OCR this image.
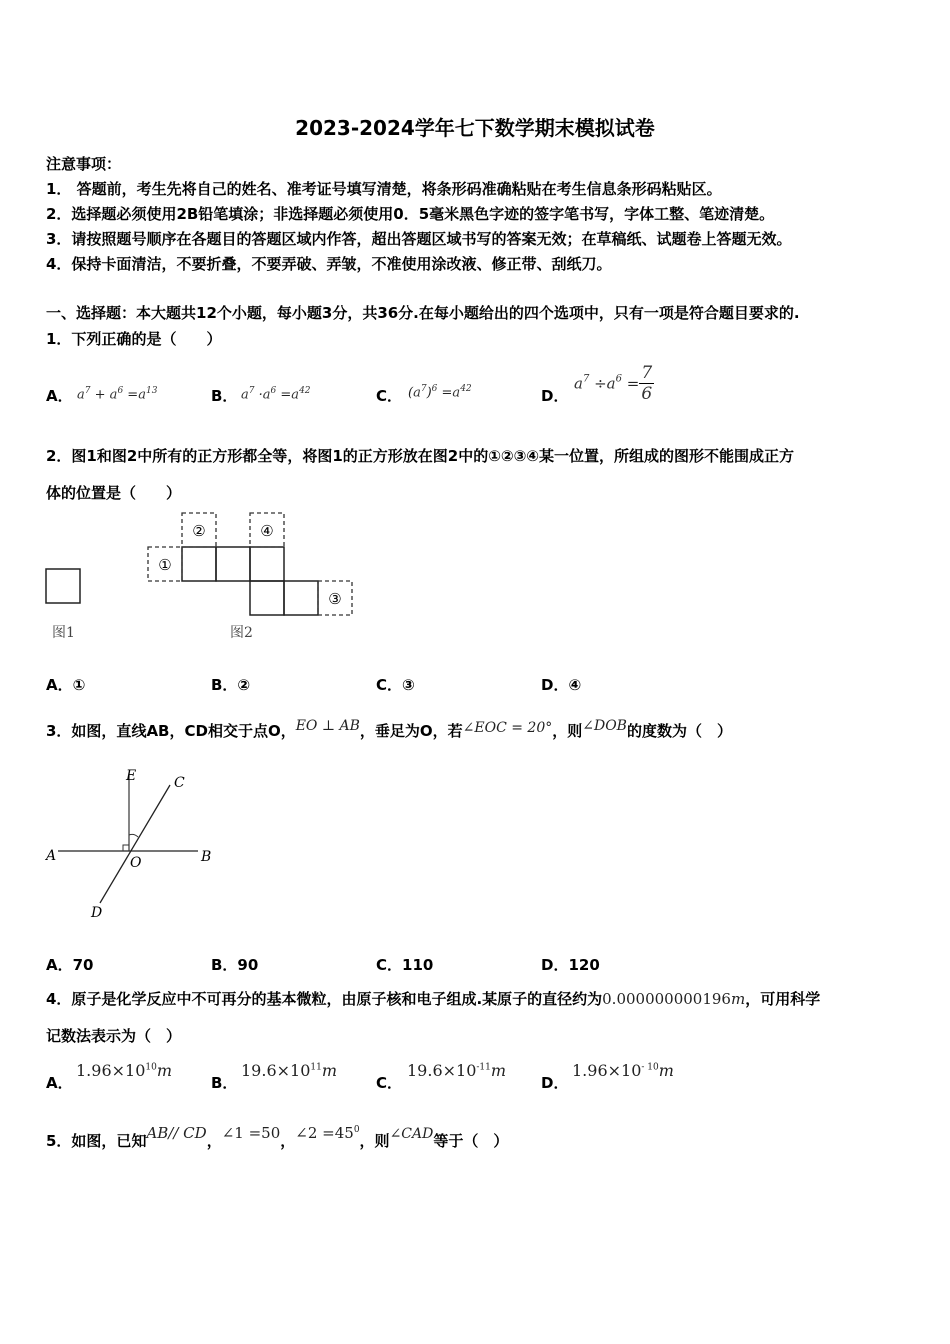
2023-2024学年七下数学期末模拟试卷
注意事项：
1． 答题前，考生先将自己的姓名、准考证号填写清楚，将条形码准确粘贴在考生信息条形码粘贴区。
2．选择题必须使用2B铅笔填涂；非选择题必须使用0．5毫米黑色字迹的签字笔书写，字体工整、笔迹清楚。
3．请按照题号顺序在各题目的答题区域内作答，超出答题区域书写的答案无效；在草稿纸、试题卷上答题无效。
4．保持卡面清洁，不要折叠，不要弄破、弄皱，不准使用涂改液、修正带、刮纸刀。
一、选择题：本大题共12个小题，每小题3分，共36分.在每小题给出的四个选项中，只有一项是符合题目要求的.
1．下列正确的是（　　）
A． $a^7 + a^6 =a^{13}$	B． $a^7 \cdot a^6 =a^{42}$	C． $(a^7)^6 =a^{42}$	D．
$a^7 \div a^6 = \frac{7}{6}$
2．图1和图2中所有的正方形都全等，将图1的正方形放在图2中的①②③④某一位置，所组成的图形不能围成正方
体的位置是（　　）
①
②
③
④
图1	图2
A．①	B．②	C．③	D．④
3．如图，直线AB，CD相交于点O，EO ⊥ AB，垂足为O，若∠EOC = 20°，则∠DOB的度数为（　）
E	C
A	O	B
D
A．70	B．90	C．110	D．120
4．原子是化学反应中不可再分的基本微粒，由原子核和电子组成.某原子的直径约为0.000000000196m，可用科学
记数法表示为（　）
A．
$1.96\times 10^{10}m$
B．
$19.6\times 10^{11}m$
C．
$19.6\times 10^{-11}m$
D．
$1.96\times 10^{- 10}m$
5．如图，已知AB// CD，∠1 =50，∠2 $=45^0$，则∠CAD等于（　）
